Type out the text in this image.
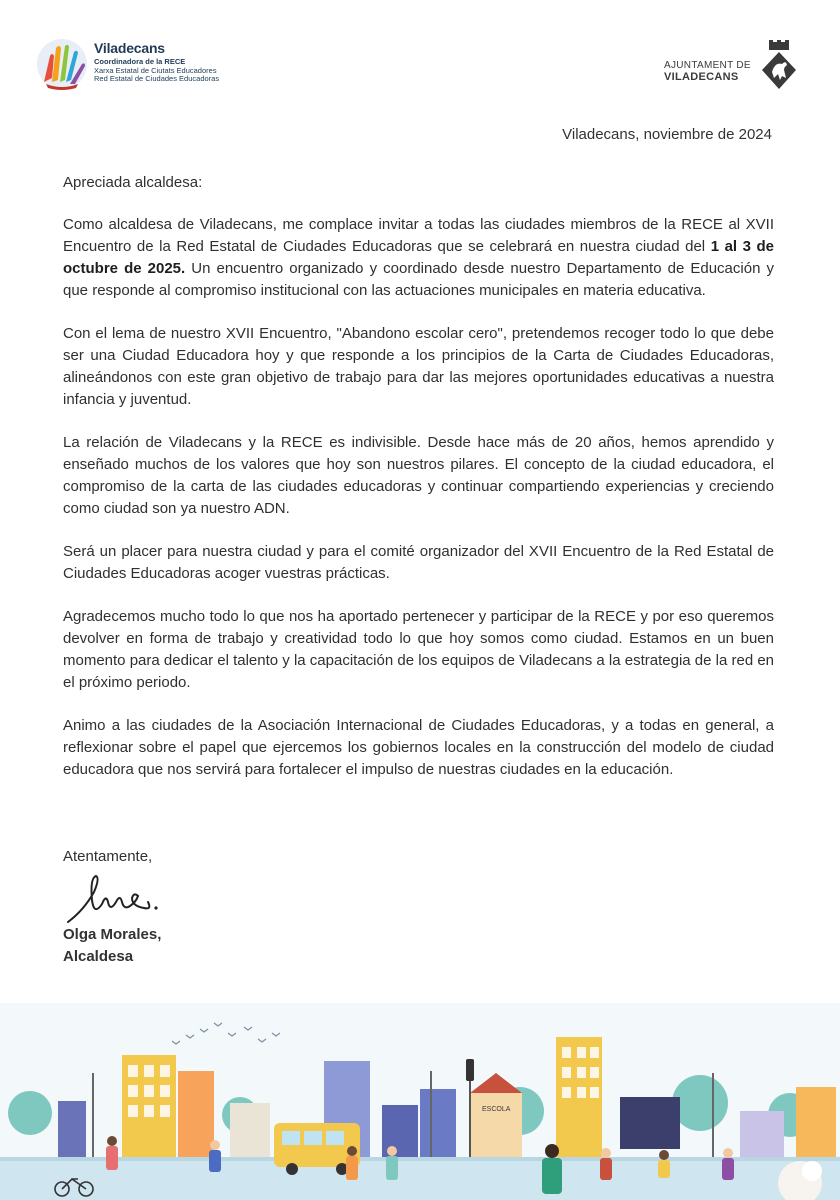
Viladecans
Coordinadora de la RECE
Xarxa Estatal de Ciutats Educadores
Red Estatal de Ciudades Educadoras
AJUNTAMENT DE
VILADECANS
Viladecans, noviembre de 2024

Apreciada alcaldesa:

Como alcaldesa de Viladecans, me complace invitar a todas las ciudades miembros de la RECE al XVII Encuentro de la Red Estatal de Ciudades Educadoras que se celebrará en nuestra ciudad del 1 al 3 de octubre de 2025. Un encuentro organizado y coordinado desde nuestro Departamento de Educación y que responde al compromiso institucional con las actuaciones municipales en materia educativa.

Con el lema de nuestro XVII Encuentro, "Abandono escolar cero", pretendemos recoger todo lo que debe ser una Ciudad Educadora hoy y que responde a los principios de la Carta de Ciudades Educadoras, alineándonos con este gran objetivo de trabajo para dar las mejores oportunidades educativas a nuestra infancia y juventud.

La relación de Viladecans y la RECE es indivisible. Desde hace más de 20 años, hemos aprendido y enseñado muchos de los valores que hoy son nuestros pilares. El concepto de la ciudad educadora, el compromiso de la carta de las ciudades educadoras y continuar compartiendo experiencias y creciendo como ciudad son ya nuestro ADN.

Será un placer para nuestra ciudad y para el comité organizador del XVII Encuentro de la Red Estatal de Ciudades Educadoras acoger vuestras prácticas.

Agradecemos mucho todo lo que nos ha aportado pertenecer y participar de la RECE y por eso queremos devolver en forma de trabajo y creatividad todo lo que hoy somos como ciudad. Estamos en un buen momento para dedicar el talento y la capacitación de los equipos de Viladecans a la estrategia de la red en el próximo periodo.

Animo a las ciudades de la Asociación Internacional de Ciudades Educadoras, y a todas en general, a reflexionar sobre el papel que ejercemos los gobiernos locales en la construcción del modelo de ciudad educadora que nos servirá para fortalecer el impulso de nuestras ciudades en la educación.

Atentamente,
Olga Morales,
Alcaldesa
ESCOLA
